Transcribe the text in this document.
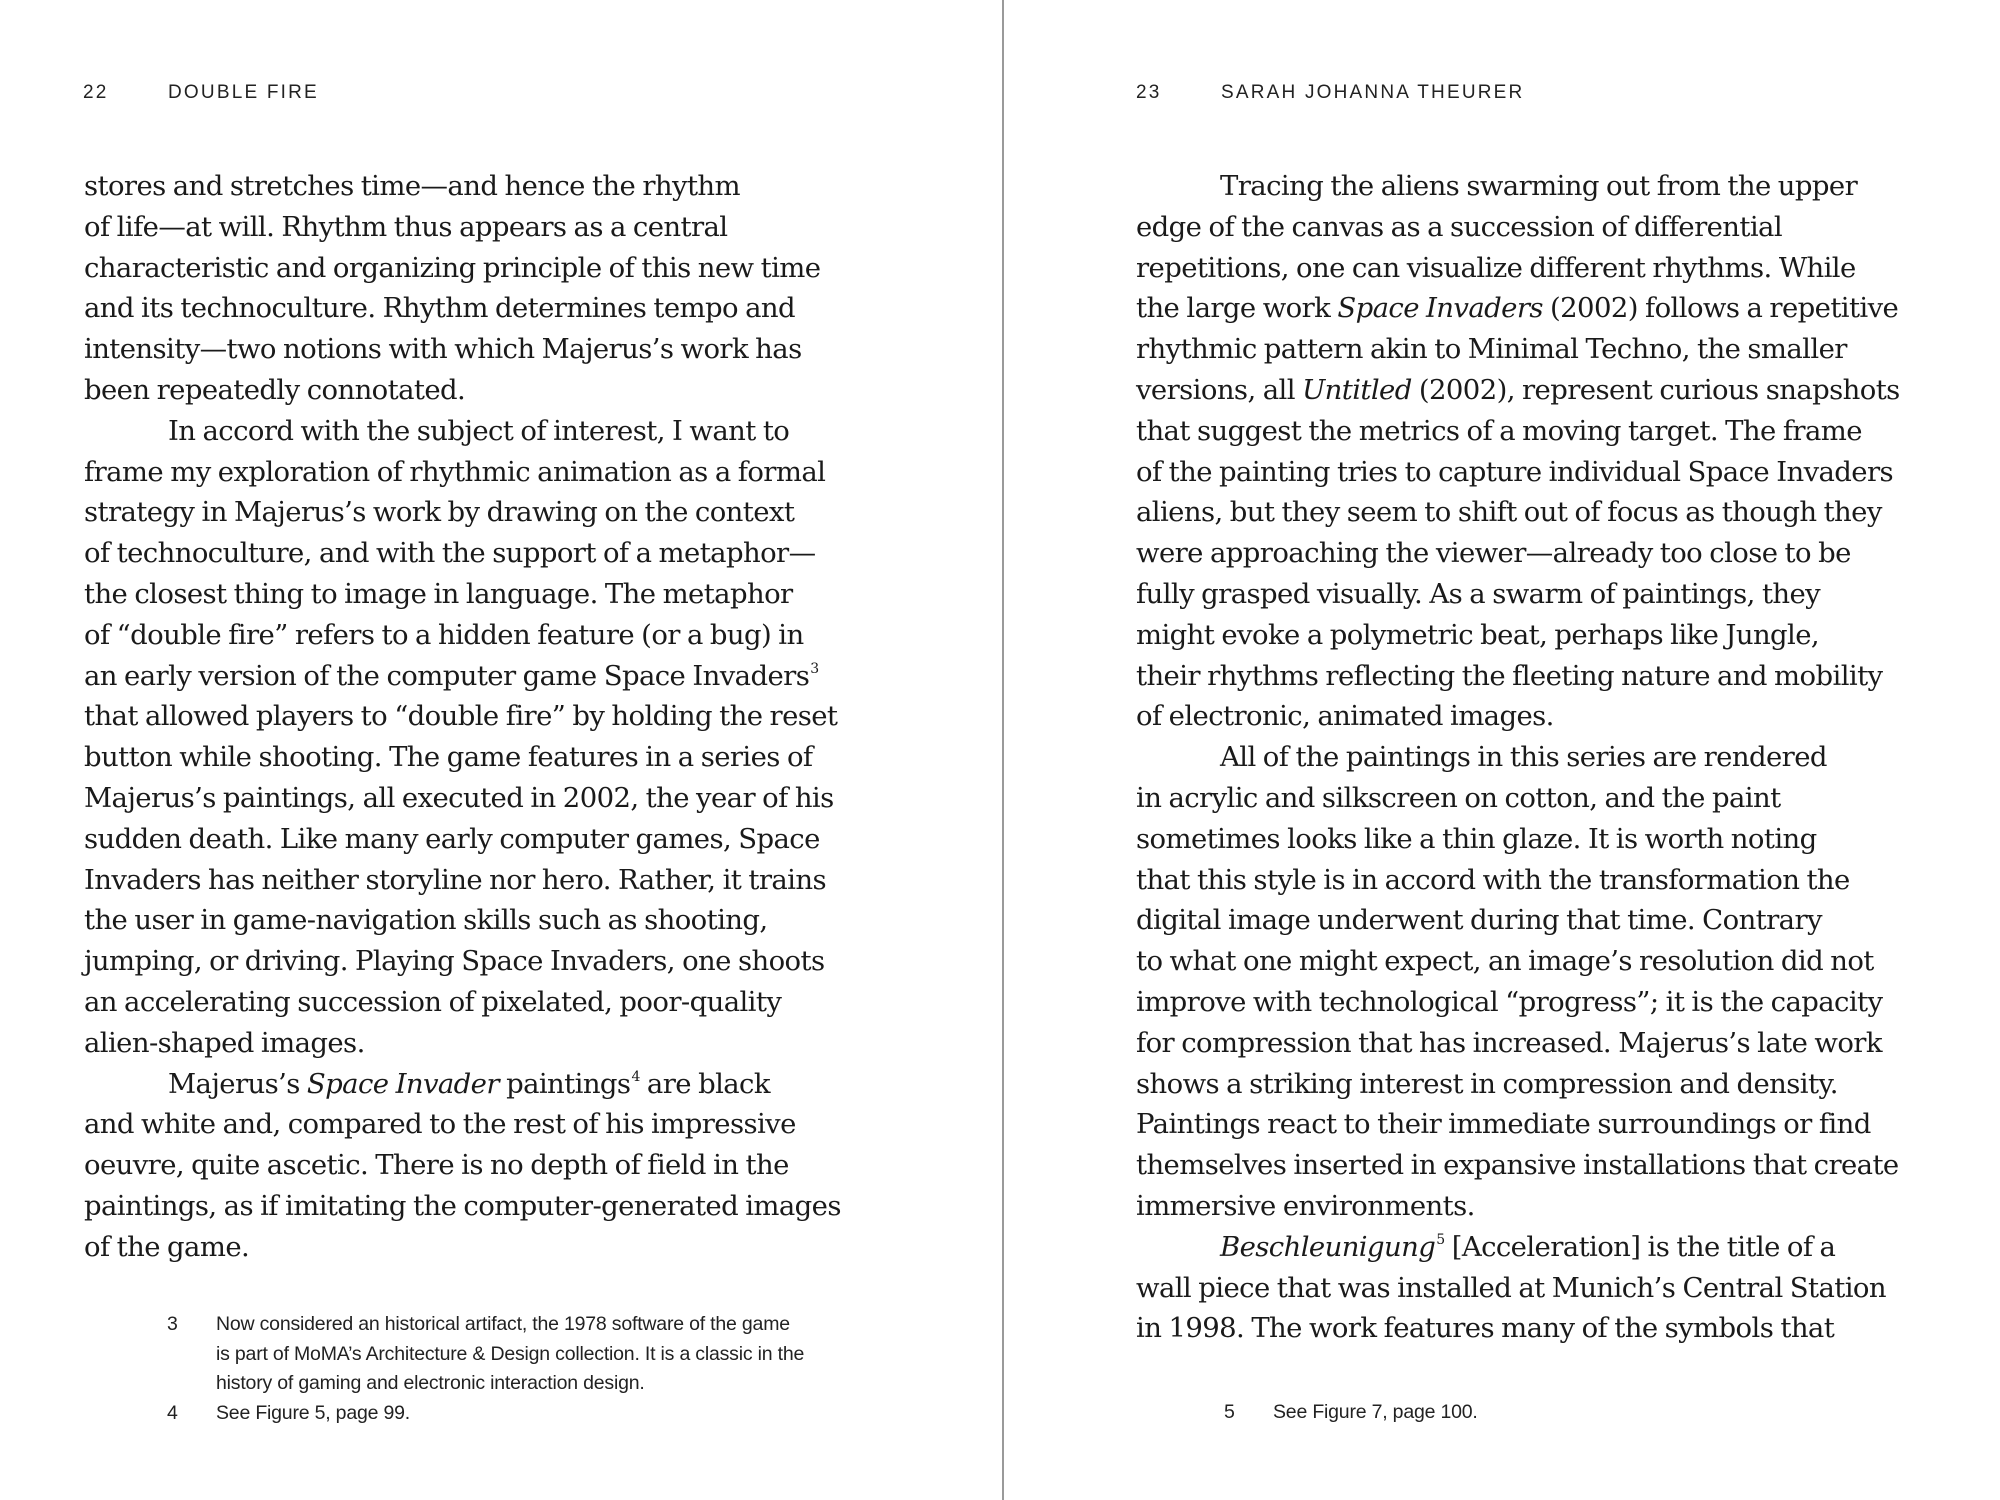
22	DOUBLE FIRE
stores and stretches time—and hence the rhythm
of life—at will. Rhythm thus appears as a central
characteristic and organizing principle of this new time
and its technoculture. Rhythm determines tempo and
intensity—two notions with which Majerus’s work has
been repeatedly connotated.
In accord with the subject of interest, I want to
frame my exploration of rhythmic animation as a formal
strategy in Majerus’s work by drawing on the context
of technoculture, and with the support of a metaphor—
the closest thing to image in language. The metaphor
of “double fire” refers to a hidden feature (or a bug) in
an early version of the computer game Space Invaders$^3$
that allowed players to “double fire” by holding the reset
button while shooting. The game features in a series of
Majerus’s paintings, all executed in 2002, the year of his
sudden death. Like many early computer games, Space
Invaders has neither storyline nor hero. Rather, it trains
the user in game-navigation skills such as shooting,
jumping, or driving. Playing Space Invaders, one shoots
an accelerating succession of pixelated, poor-quality
alien-shaped images.
Majerus’s Space Invader paintings$^4$ are black
and white and, compared to the rest of his impressive
oeuvre, quite ascetic. There is no depth of field in the
paintings, as if imitating the computer-generated images
of the game.
3 Now considered an historical artifact, the 1978 software of the game
is part of MoMA’s Architecture & Design collection. It is a classic in the
history of gaming and electronic interaction design.
4 See Figure 5, page 99.
23	SARAH JOHANNA THEURER
Tracing the aliens swarming out from the upper
edge of the canvas as a succession of differential
repetitions, one can visualize different rhythms. While
the large work Space Invaders (2002) follows a repetitive
rhythmic pattern akin to Minimal Techno, the smaller
versions, all Untitled (2002), represent curious snapshots
that suggest the metrics of a moving target. The frame
of the painting tries to capture individual Space Invaders
aliens, but they seem to shift out of focus as though they
were approaching the viewer—already too close to be
fully grasped visually. As a swarm of paintings, they
might evoke a polymetric beat, perhaps like Jungle,
their rhythms reflecting the fleeting nature and mobility
of electronic, animated images.
All of the paintings in this series are rendered
in acrylic and silkscreen on cotton, and the paint
sometimes looks like a thin glaze. It is worth noting
that this style is in accord with the transformation the
digital image underwent during that time. Contrary
to what one might expect, an image’s resolution did not
improve with technological “progress”; it is the capacity
for compression that has increased. Majerus’s late work
shows a striking interest in compression and density.
Paintings react to their immediate surroundings or find
themselves inserted in expansive installations that create
immersive environments.
Beschleunigung$^5$ [Acceleration] is the title of a
wall piece that was installed at Munich’s Central Station
in 1998. The work features many of the symbols that
5 See Figure 7, page 100.
